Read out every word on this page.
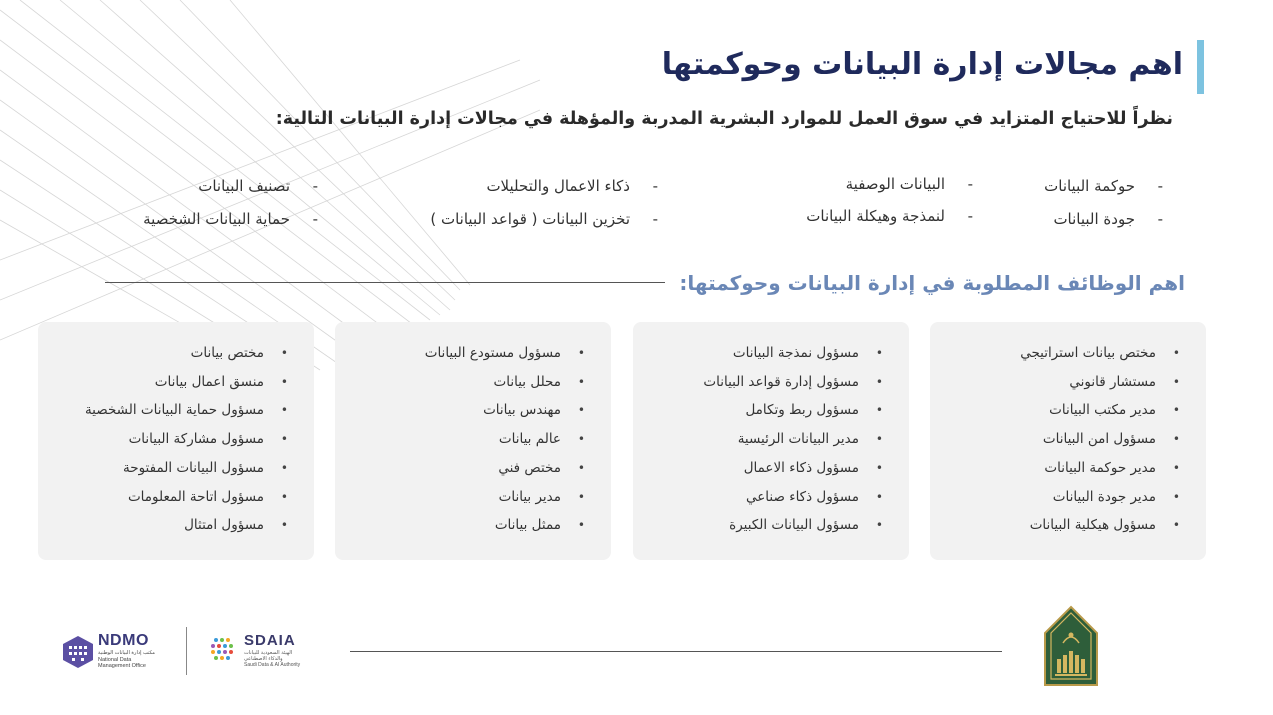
اهم مجالات إدارة البيانات وحوكمتها

نظراً للاحتياج المتزايد في سوق العمل للموارد البشرية المدربة والمؤهلة في مجالات إدارة البيانات التالية:

-حوكمة البيانات
-جودة البيانات
-البيانات الوصفية
-لنمذجة وهيكلة البيانات
-ذكاء الاعمال والتحليلات
-تخزين البيانات ( قواعد البيانات )
-تصنيف البيانات
-حماية البيانات الشخصية
اهم الوظائف المطلوبة في إدارة البيانات وحوكمتها:
• مختص بيانات استراتيجي
• مستشار قانوني
• مدير مكتب البيانات
• مسؤول امن البيانات
• مدير حوكمة البيانات
• مدير جودة البيانات
• مسؤول هيكلية البيانات
• مسؤول نمذجة البيانات
• مسؤول إدارة قواعد البيانات
• مسؤول ربط وتكامل
• مدير البيانات الرئيسية
• مسؤول ذكاء الاعمال
• مسؤول ذكاء صناعي
• مسؤول البيانات الكبيرة
• مسؤول مستودع البيانات
• محلل بيانات
• مهندس بيانات
• عالم بيانات
• مختص فني
• مدير بيانات
• ممثل بيانات
• مختص بيانات
• منسق اعمال بيانات
• مسؤول حماية البيانات الشخصية
• مسؤول مشاركة البيانات
• مسؤول البيانات المفتوحة
• مسؤول اتاحة المعلومات
• مسؤول امتثال
NDMO
مكتب إدارة البيانات الوطنية
National Data
Management Office
SDAIA
الهيئة السعودية للبيانات
والذكاء الاصطناعي
Saudi Data & AI Authority
